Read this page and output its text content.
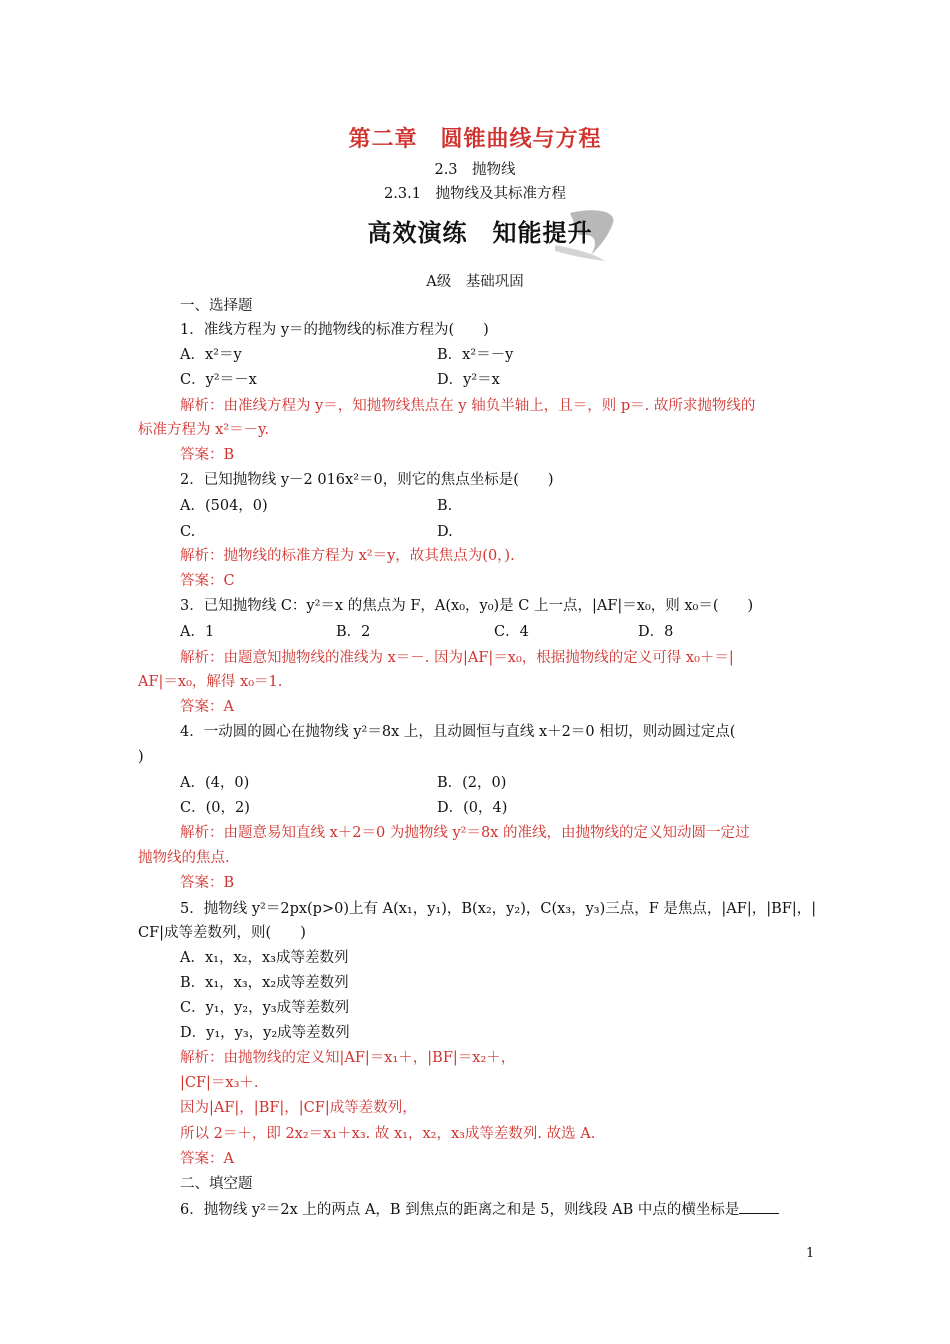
第二章　圆锥曲线与方程
2.3　抛物线
2.3.1　抛物线及其标准方程
高效演练　知能提升
A级　基础巩固
一、选择题
1．准线方程为 y＝的抛物线的标准方程为(　　)
A．x²＝y	B．x²＝－y
C．y²＝－x	D．y²＝x
解析：由准线方程为 y＝，知抛物线焦点在 y 轴负半轴上，且＝，则 p＝. 故所求抛物线的
标准方程为 x²＝－y.
答案：B
2．已知抛物线 y－2 016x²＝0，则它的焦点坐标是(　　)
A．(504，0)	B.
C.	D.
解析：抛物线的标准方程为 x²＝y，故其焦点为(0，).
答案：C
3．已知抛物线 C：y²＝x 的焦点为 F，A(x₀，y₀)是 C 上一点，|AF|＝x₀，则 x₀＝(　　)
A．1	B．2	C．4	D．8
解析：由题意知抛物线的准线为 x＝－. 因为|AF|＝x₀，根据抛物线的定义可得 x₀＋＝|
AF|＝x₀，解得 x₀＝1.
答案：A
4．一动圆的圆心在抛物线 y²＝8x 上，且动圆恒与直线 x＋2＝0 相切，则动圆过定点(
)
A．(4，0)	B．(2，0)
C．(0，2)	D．(0，4)
解析：由题意易知直线 x＋2＝0 为抛物线 y²＝8x 的准线，由抛物线的定义知动圆一定过
抛物线的焦点.
答案：B
5．抛物线 y²＝2px(p>0)上有 A(x₁，y₁)，B(x₂，y₂)，C(x₃，y₃)三点，F 是焦点，|AF|，|BF|，|
CF|成等差数列，则(　　)
A．x₁，x₂，x₃成等差数列
B．x₁，x₃，x₂成等差数列
C．y₁，y₂，y₃成等差数列
D．y₁，y₃，y₂成等差数列
解析：由抛物线的定义知|AF|＝x₁＋，|BF|＝x₂＋，
|CF|＝x₃＋.
因为|AF|，|BF|，|CF|成等差数列，
所以 2＝＋，即 2x₂＝x₁＋x₃. 故 x₁，x₂，x₃成等差数列. 故选 A.
答案：A
二、填空题
6．抛物线 y²＝2x 上的两点 A，B 到焦点的距离之和是 5，则线段 AB 中点的横坐标是
1
